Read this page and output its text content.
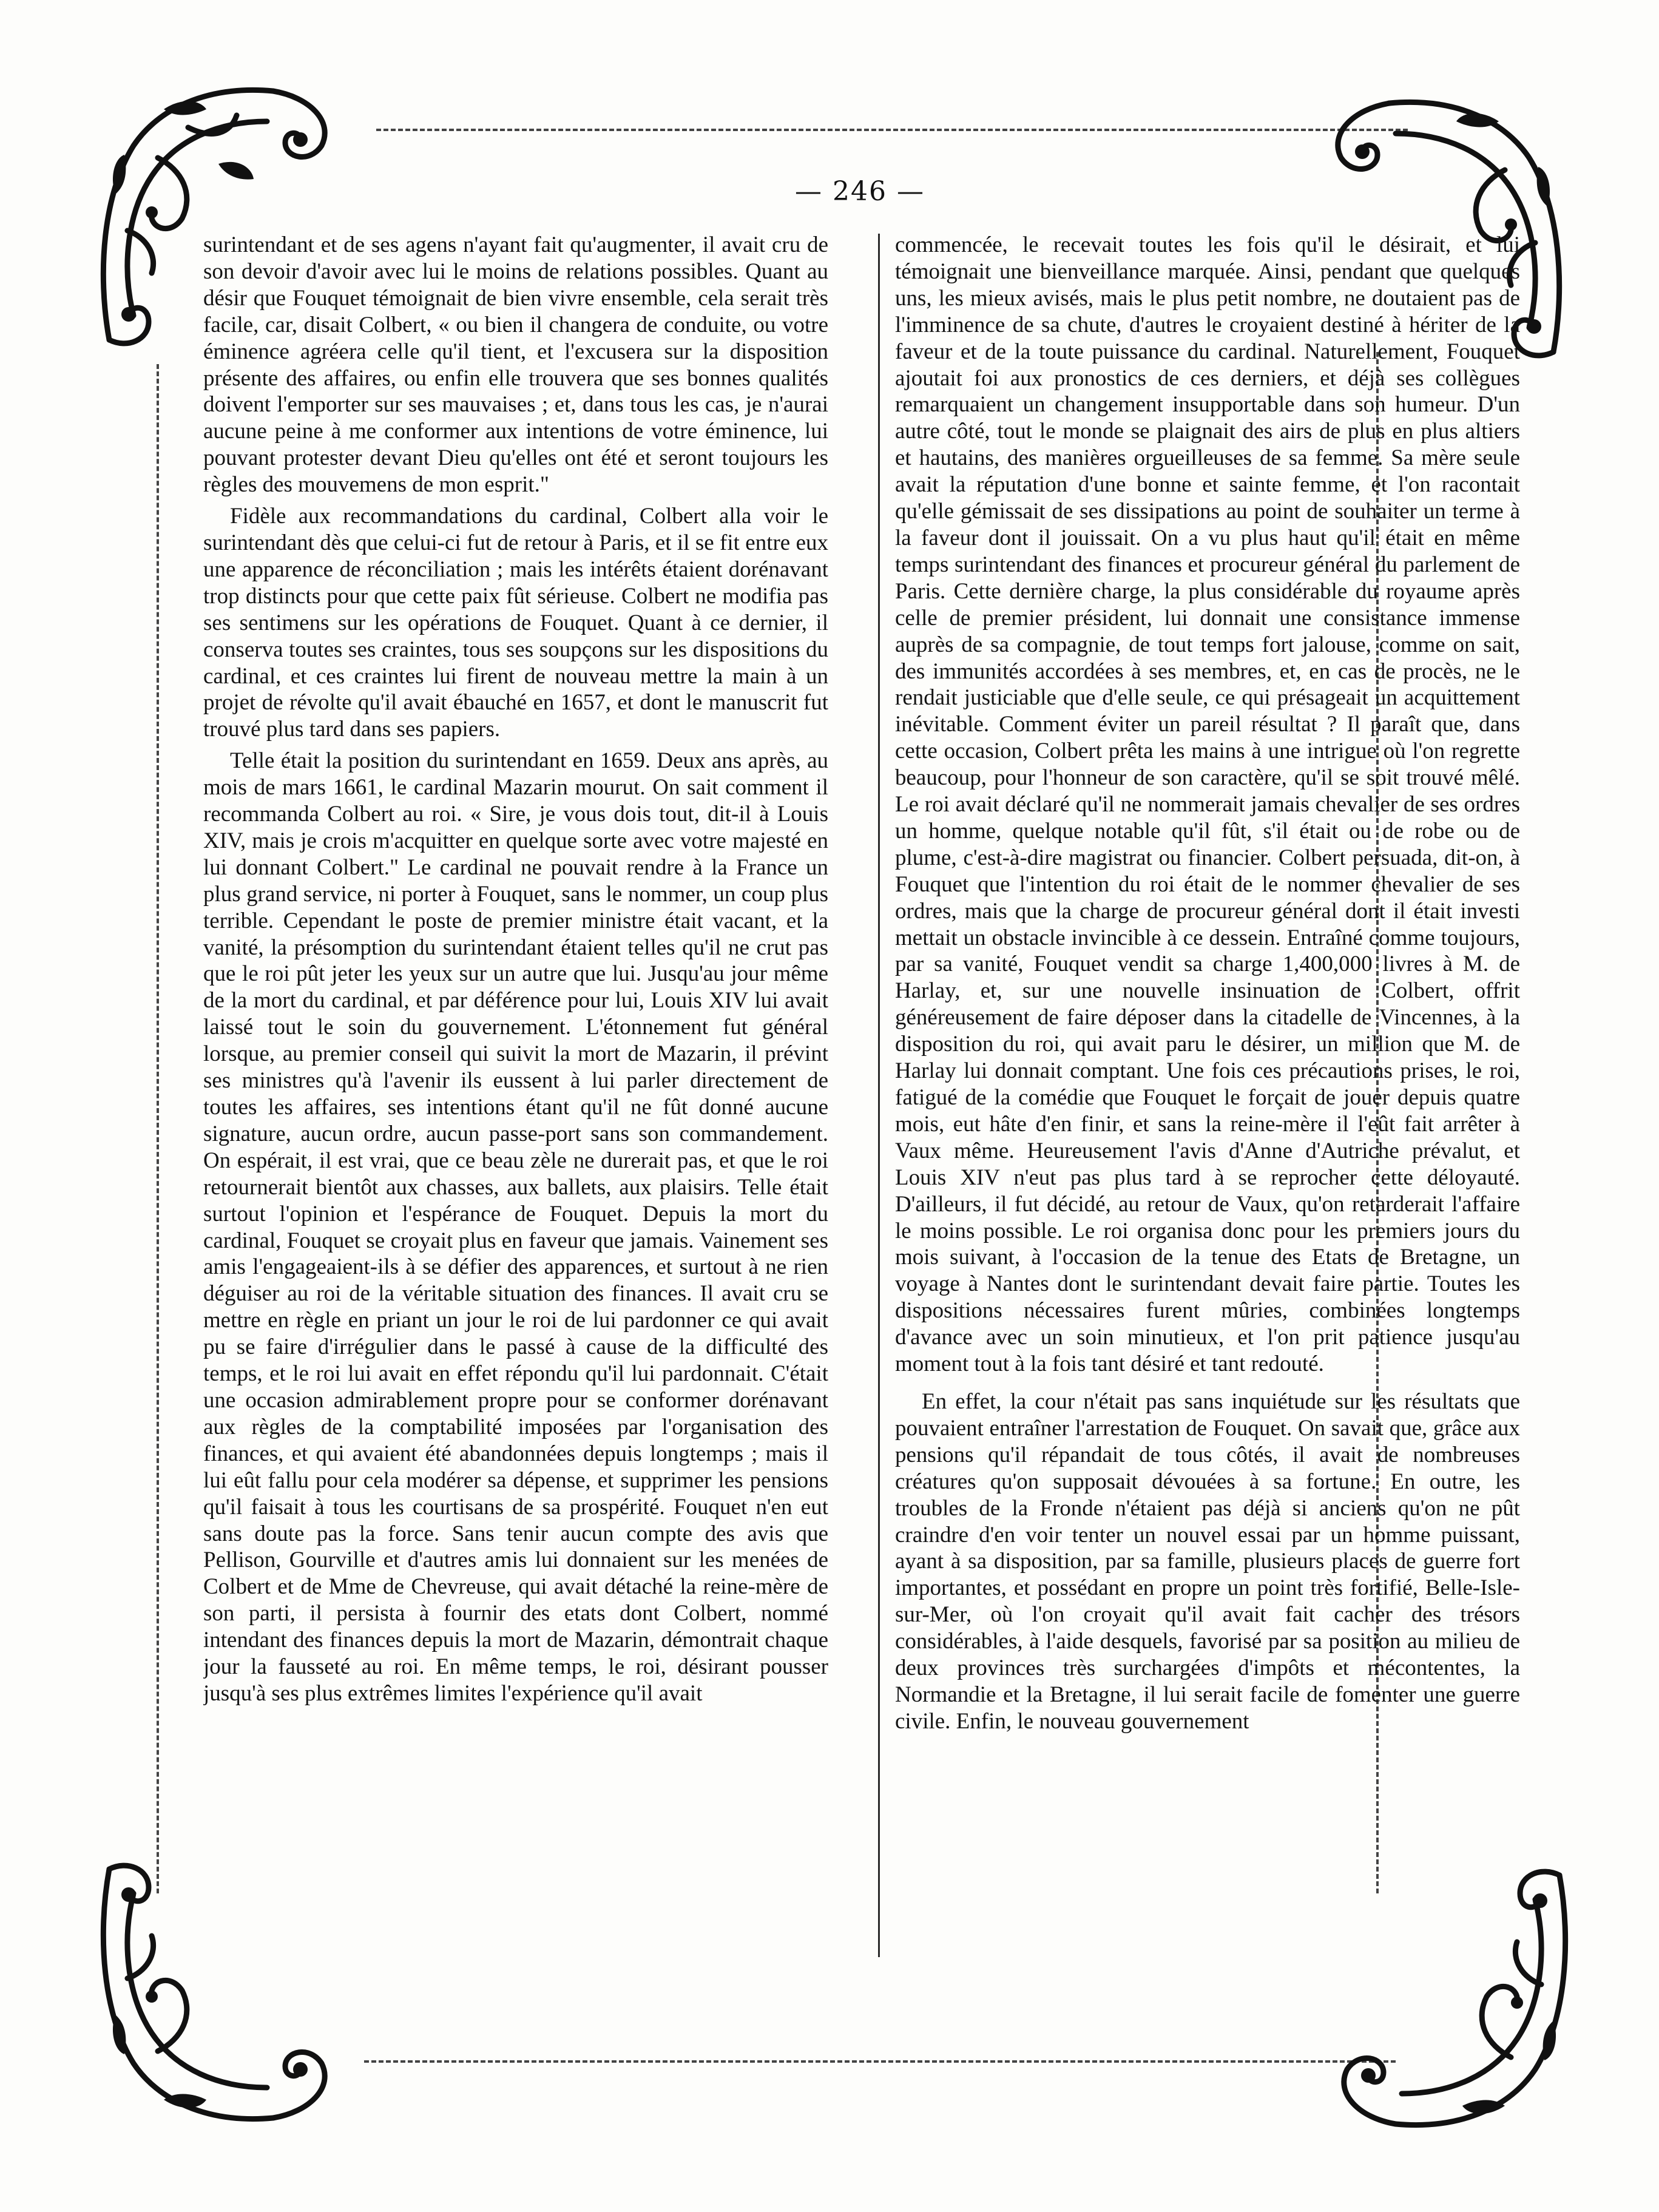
— 246 —

surintendant et de ses agens n'ayant fait qu'augmenter, il avait cru de son devoir d'avoir avec lui le moins de relations possibles. Quant au désir que Fouquet témoignait de bien vivre ensemble, cela serait très facile, car, disait Colbert, « ou bien il changera de conduite, ou votre éminence agréera celle qu'il tient, et l'excusera sur la disposition présente des affaires, ou enfin elle trouvera que ses bonnes qualités doivent l'emporter sur ses mauvaises ; et, dans tous les cas, je n'aurai aucune peine à me conformer aux intentions de votre éminence, lui pouvant protester devant Dieu qu'elles ont été et seront toujours les règles des mouvemens de mon esprit."

Fidèle aux recommandations du cardinal, Colbert alla voir le surintendant dès que celui-ci fut de retour à Paris, et il se fit entre eux une apparence de réconciliation ; mais les intérêts étaient dorénavant trop distincts pour que cette paix fût sérieuse. Colbert ne modifia pas ses sentimens sur les opérations de Fouquet. Quant à ce dernier, il conserva toutes ses craintes, tous ses soupçons sur les dispositions du cardinal, et ces craintes lui firent de nouveau mettre la main à un projet de révolte qu'il avait ébauché en 1657, et dont le manuscrit fut trouvé plus tard dans ses papiers.

Telle était la position du surintendant en 1659. Deux ans après, au mois de mars 1661, le cardinal Mazarin mourut. On sait comment il recommanda Colbert au roi. « Sire, je vous dois tout, dit-il à Louis XIV, mais je crois m'acquitter en quelque sorte avec votre majesté en lui donnant Colbert." Le cardinal ne pouvait rendre à la France un plus grand service, ni porter à Fouquet, sans le nommer, un coup plus terrible. Cependant le poste de premier ministre était vacant, et la vanité, la présomption du surintendant étaient telles qu'il ne crut pas que le roi pût jeter les yeux sur un autre que lui. Jusqu'au jour même de la mort du cardinal, et par déférence pour lui, Louis XIV lui avait laissé tout le soin du gouvernement. L'étonnement fut général lorsque, au premier conseil qui suivit la mort de Mazarin, il prévint ses ministres qu'à l'avenir ils eussent à lui parler directement de toutes les affaires, ses intentions étant qu'il ne fût donné aucune signature, aucun ordre, aucun passe-port sans son commandement. On espérait, il est vrai, que ce beau zèle ne durerait pas, et que le roi retournerait bientôt aux chasses, aux ballets, aux plaisirs. Telle était surtout l'opinion et l'espérance de Fouquet. Depuis la mort du cardinal, Fouquet se croyait plus en faveur que jamais. Vainement ses amis l'engageaient-ils à se défier des apparences, et surtout à ne rien déguiser au roi de la véritable situation des finances. Il avait cru se mettre en règle en priant un jour le roi de lui pardonner ce qui avait pu se faire d'irrégulier dans le passé à cause de la difficulté des temps, et le roi lui avait en effet répondu qu'il lui pardonnait. C'était une occasion admirablement propre pour se conformer dorénavant aux règles de la comptabilité imposées par l'organisation des finances, et qui avaient été abandonnées depuis longtemps ; mais il lui eût fallu pour cela modérer sa dépense, et supprimer les pensions qu'il faisait à tous les courtisans de sa prospérité. Fouquet n'en eut sans doute pas la force. Sans tenir aucun compte des avis que Pellison, Gourville et d'autres amis lui donnaient sur les menées de Colbert et de Mme de Chevreuse, qui avait détaché la reine-mère de son parti, il persista à fournir des etats dont Colbert, nommé intendant des finances depuis la mort de Mazarin, démontrait chaque jour la fausseté au roi. En même temps, le roi, désirant pousser jusqu'à ses plus extrêmes limites l'expérience qu'il avait

commencée, le recevait toutes les fois qu'il le désirait, et lui témoignait une bienveillance marquée. Ainsi, pendant que quelques uns, les mieux avisés, mais le plus petit nombre, ne doutaient pas de l'imminence de sa chute, d'autres le croyaient destiné à hériter de la faveur et de la toute puissance du cardinal. Naturellement, Fouquet ajoutait foi aux pronostics de ces derniers, et déjà ses collègues remarquaient un changement insupportable dans son humeur. D'un autre côté, tout le monde se plaignait des airs de plus en plus altiers et hautains, des manières orgueilleuses de sa femme. Sa mère seule avait la réputation d'une bonne et sainte femme, et l'on racontait qu'elle gémissait de ses dissipations au point de souhaiter un terme à la faveur dont il jouissait. On a vu plus haut qu'il était en même temps surintendant des finances et procureur général du parlement de Paris. Cette dernière charge, la plus considérable du royaume après celle de premier président, lui donnait une consistance immense auprès de sa compagnie, de tout temps fort jalouse, comme on sait, des immunités accordées à ses membres, et, en cas de procès, ne le rendait justiciable que d'elle seule, ce qui présageait un acquittement inévitable. Comment éviter un pareil résultat ? Il paraît que, dans cette occasion, Colbert prêta les mains à une intrigue où l'on regrette beaucoup, pour l'honneur de son caractère, qu'il se soit trouvé mêlé. Le roi avait déclaré qu'il ne nommerait jamais chevalier de ses ordres un homme, quelque notable qu'il fût, s'il était ou de robe ou de plume, c'est-à-dire magistrat ou financier. Colbert persuada, dit-on, à Fouquet que l'intention du roi était de le nommer chevalier de ses ordres, mais que la charge de procureur général dont il était investi mettait un obstacle invincible à ce dessein. Entraîné comme toujours, par sa vanité, Fouquet vendit sa charge 1,400,000 livres à M. de Harlay, et, sur une nouvelle insinuation de Colbert, offrit généreusement de faire déposer dans la citadelle de Vincennes, à la disposition du roi, qui avait paru le désirer, un million que M. de Harlay lui donnait comptant. Une fois ces précautions prises, le roi, fatigué de la comédie que Fouquet le forçait de jouer depuis quatre mois, eut hâte d'en finir, et sans la reine-mère il l'eût fait arrêter à Vaux même. Heureusement l'avis d'Anne d'Autriche prévalut, et Louis XIV n'eut pas plus tard à se reprocher cette déloyauté. D'ailleurs, il fut décidé, au retour de Vaux, qu'on retarderait l'affaire le moins possible. Le roi organisa donc pour les premiers jours du mois suivant, à l'occasion de la tenue des Etats de Bretagne, un voyage à Nantes dont le surintendant devait faire partie. Toutes les dispositions nécessaires furent mûries, combinées longtemps d'avance avec un soin minutieux, et l'on prit patience jusqu'au moment tout à la fois tant désiré et tant redouté.

En effet, la cour n'était pas sans inquiétude sur les résultats que pouvaient entraîner l'arrestation de Fouquet. On savait que, grâce aux pensions qu'il répandait de tous côtés, il avait de nombreuses créatures qu'on supposait dévouées à sa fortune. En outre, les troubles de la Fronde n'étaient pas déjà si anciens qu'on ne pût craindre d'en voir tenter un nouvel essai par un homme puissant, ayant à sa disposition, par sa famille, plusieurs places de guerre fort importantes, et possédant en propre un point très fortifié, Belle-Isle-sur-Mer, où l'on croyait qu'il avait fait cacher des trésors considérables, à l'aide desquels, favorisé par sa position au milieu de deux provinces très surchargées d'impôts et mécontentes, la Normandie et la Bretagne, il lui serait facile de fomenter une guerre civile. Enfin, le nouveau gouvernement
